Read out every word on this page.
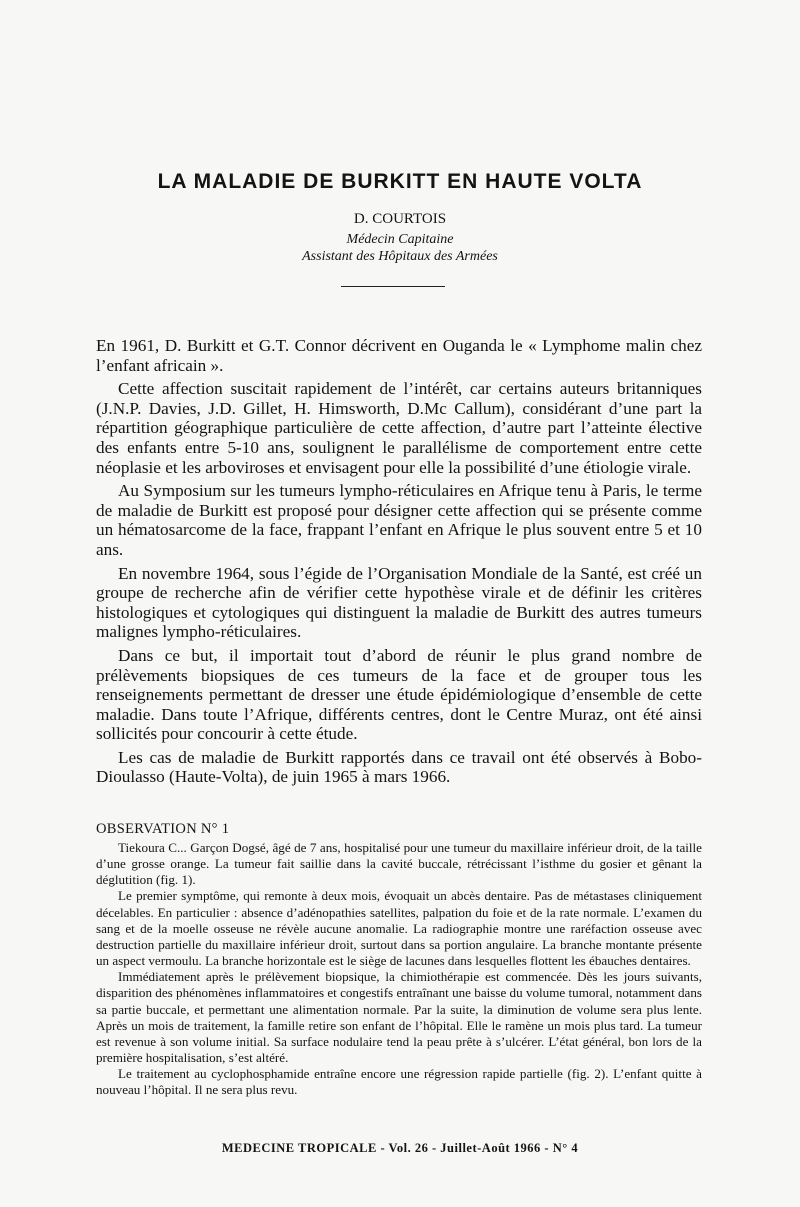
LA MALADIE DE BURKITT EN HAUTE VOLTA
D. COURTOIS
Médecin Capitaine
Assistant des Hôpitaux des Armées

En 1961, D. Burkitt et G.T. Connor décrivent en Ouganda le « Lymphome malin chez l’enfant africain ».

Cette affection suscitait rapidement de l’intérêt, car certains auteurs britanniques (J.N.P. Davies, J.D. Gillet, H. Himsworth, D.Mc Callum), considérant d’une part la répartition géographique particulière de cette affection, d’autre part l’atteinte élective des enfants entre 5-10 ans, soulignent le parallélisme de comportement entre cette néoplasie et les arboviroses et envisagent pour elle la possibilité d’une étiologie virale.

Au Symposium sur les tumeurs lympho-réticulaires en Afrique tenu à Paris, le terme de maladie de Burkitt est proposé pour désigner cette affection qui se présente comme un hématosarcome de la face, frappant l’enfant en Afrique le plus souvent entre 5 et 10 ans.

En novembre 1964, sous l’égide de l’Organisation Mondiale de la Santé, est créé un groupe de recherche afin de vérifier cette hypothèse virale et de définir les critères histologiques et cytologiques qui distinguent la maladie de Burkitt des autres tumeurs malignes lympho-réticulaires.

Dans ce but, il importait tout d’abord de réunir le plus grand nombre de prélèvements biopsiques de ces tumeurs de la face et de grouper tous les renseignements permettant de dresser une étude épidémiologique d’ensemble de cette maladie. Dans toute l’Afrique, différents centres, dont le Centre Muraz, ont été ainsi sollicités pour concourir à cette étude.

Les cas de maladie de Burkitt rapportés dans ce travail ont été observés à Bobo-Dioulasso (Haute-Volta), de juin 1965 à mars 1966.

OBSERVATION N° 1

Tiekoura C... Garçon Dogsé, âgé de 7 ans, hospitalisé pour une tumeur du maxillaire inférieur droit, de la taille d’une grosse orange. La tumeur fait saillie dans la cavité buccale, rétrécissant l’isthme du gosier et gênant la déglutition (fig. 1).

Le premier symptôme, qui remonte à deux mois, évoquait un abcès dentaire. Pas de métastases cliniquement décelables. En particulier : absence d’adénopathies satellites, palpation du foie et de la rate normale. L’examen du sang et de la moelle osseuse ne révèle aucune anomalie. La radiographie montre une raréfaction osseuse avec destruction partielle du maxillaire inférieur droit, surtout dans sa portion angulaire. La branche montante présente un aspect vermoulu. La branche horizontale est le siège de lacunes dans lesquelles flottent les ébauches dentaires.

Immédiatement après le prélèvement biopsique, la chimiothérapie est commencée. Dès les jours suivants, disparition des phénomènes inflammatoires et congestifs entraînant une baisse du volume tumoral, notamment dans sa partie buccale, et permettant une alimentation normale. Par la suite, la diminution de volume sera plus lente. Après un mois de traitement, la famille retire son enfant de l’hôpital. Elle le ramène un mois plus tard. La tumeur est revenue à son volume initial. Sa surface nodulaire tend la peau prête à s’ulcérer. L’état général, bon lors de la première hospitalisation, s’est altéré.

Le traitement au cyclophosphamide entraîne encore une régression rapide partielle (fig. 2). L’enfant quitte à nouveau l’hôpital. Il ne sera plus revu.

MEDECINE TROPICALE - Vol. 26 - Juillet-Août 1966 - N° 4
